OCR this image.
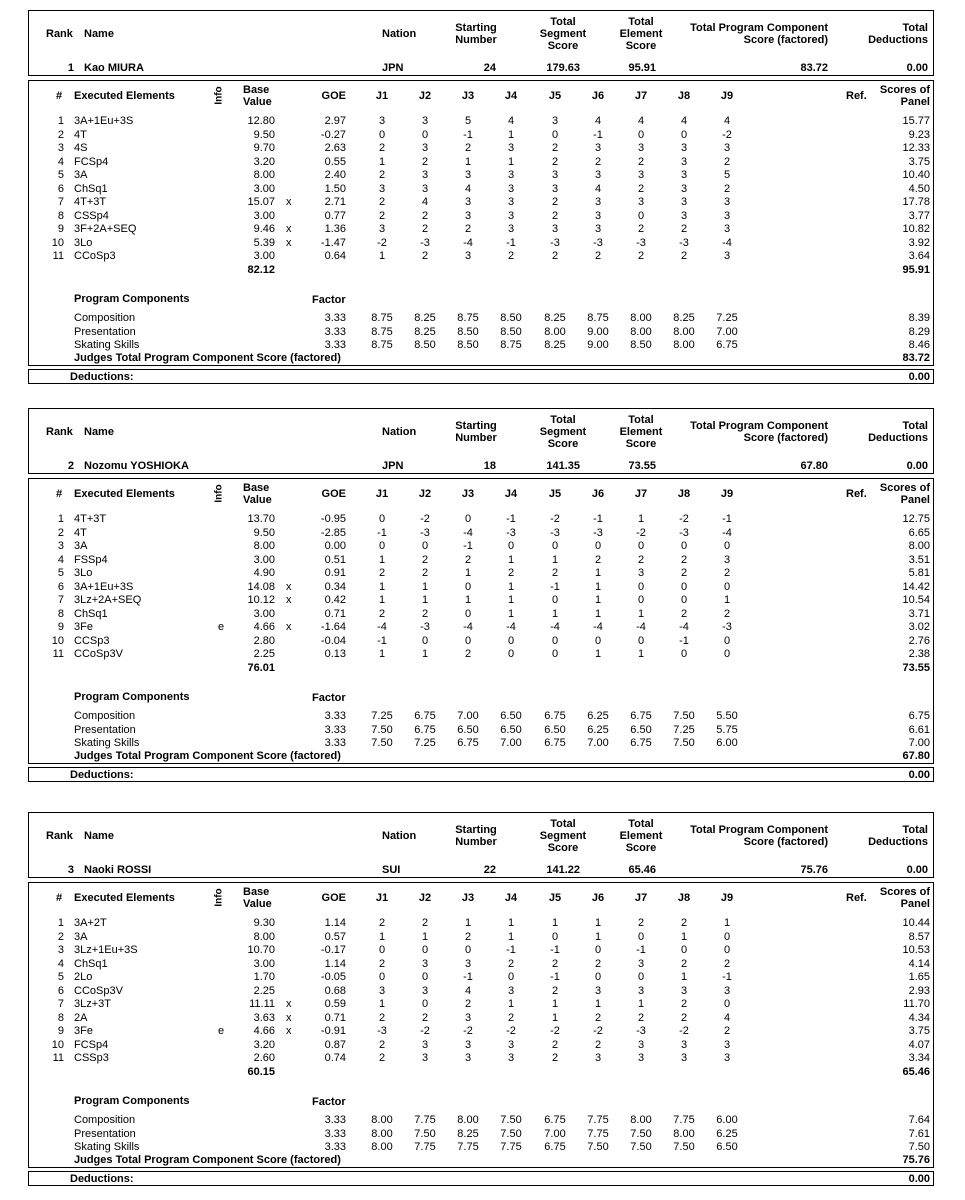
Rank Name	Nation	Starting
Number
Total
Segment
Score
Total
Element
Score
Total Program Component
Score (factored)
Total
Deductions
1 Kao MIURA	JPN	24	179.63	95.91	83.72	0.00
# Executed Elements	Info Base
Value	GOE	J1	J2	J3	J4	J5	J6	J7	J8	J9	Ref.	Scores of
Panel
1 3A+1Eu+3S	12.80	2.97	3	3	5	4	3	4	4	4	4	15.77
2 4T	9.50	-0.27	0	0	-1	1	0	-1	0	0	-2	9.23
3 4S	9.70	2.63	2	3	2	3	2	3	3	3	3	12.33
4 FCSp4	3.20	0.55	1	2	1	1	2	2	2	3	2	3.75
5 3A	8.00	2.40	2	3	3	3	3	3	3	3	5	10.40
6 ChSq1	3.00	1.50	3	3	4	3	3	4	2	3	2	4.50
7 4T+3T	15.07 x	2.71	2	4	3	3	2	3	3	3	3	17.78
8 CSSp4	3.00	0.77	2	2	3	3	2	3	0	3	3	3.77
9 3F+2A+SEQ	9.46 x	1.36	3	2	2	3	3	3	2	2	3	10.82
10 3Lo	5.39 x	-1.47	-2	-3	-4	-1	-3	-3	-3	-3	-4	3.92
11 CCoSp3	3.00	0.64	1	2	3	2	2	2	2	2	3	3.64
82.12	95.91
Program Components	Factor
Composition	3.33	8.75	8.25	8.75	8.50	8.25	8.75	8.00	8.25	7.25	8.39
Presentation	3.33	8.75	8.25	8.50	8.50	8.00	9.00	8.00	8.00	7.00	8.29
Skating Skills	3.33	8.75	8.50	8.50	8.75	8.25	9.00	8.50	8.00	6.75	8.46
Judges Total Program Component Score (factored)	83.72
Deductions:	0.00
Rank Name	Nation	Starting
Number
Total
Segment
Score
Total
Element
Score
Total Program Component
Score (factored)
Total
Deductions
2 Nozomu YOSHIOKA	JPN	18	141.35	73.55	67.80	0.00
# Executed Elements	Info Base
Value	GOE	J1	J2	J3	J4	J5	J6	J7	J8	J9	Ref.	Scores of
Panel
1 4T+3T	13.70	-0.95	0	-2	0	-1	-2	-1	1	-2	-1	12.75
2 4T	9.50	-2.85	-1	-3	-4	-3	-3	-3	-2	-3	-4	6.65
3 3A	8.00	0.00	0	0	-1	0	0	0	0	0	0	8.00
4 FSSp4	3.00	0.51	1	2	2	1	1	2	2	2	3	3.51
5 3Lo	4.90	0.91	2	2	1	2	2	1	3	2	2	5.81
6 3A+1Eu+3S	14.08 x	0.34	1	1	0	1	-1	1	0	0	0	14.42
7 3Lz+2A+SEQ	10.12 x	0.42	1	1	1	1	0	1	0	0	1	10.54
8 ChSq1	3.00	0.71	2	2	0	1	1	1	1	2	2	3.71
9 3Fe	e	4.66 x	-1.64	-4	-3	-4	-4	-4	-4	-4	-4	-3	3.02
10 CCSp3	2.80	-0.04	-1	0	0	0	0	0	0	-1	0	2.76
11 CCoSp3V	2.25	0.13	1	1	2	0	0	1	1	0	0	2.38
76.01	73.55
Program Components	Factor
Composition	3.33	7.25	6.75	7.00	6.50	6.75	6.25	6.75	7.50	5.50	6.75
Presentation	3.33	7.50	6.75	6.50	6.50	6.50	6.25	6.50	7.25	5.75	6.61
Skating Skills	3.33	7.50	7.25	6.75	7.00	6.75	7.00	6.75	7.50	6.00	7.00
Judges Total Program Component Score (factored)	67.80
Deductions:	0.00
Rank Name	Nation	Starting
Number
Total
Segment
Score
Total
Element
Score
Total Program Component
Score (factored)
Total
Deductions
3 Naoki ROSSI	SUI	22	141.22	65.46	75.76	0.00
# Executed Elements	Info Base
Value	GOE	J1	J2	J3	J4	J5	J6	J7	J8	J9	Ref.	Scores of
Panel
1 3A+2T	9.30	1.14	2	2	1	1	1	1	2	2	1	10.44
2 3A	8.00	0.57	1	1	2	1	0	1	0	1	0	8.57
3 3Lz+1Eu+3S	10.70	-0.17	0	0	0	-1	-1	0	-1	0	0	10.53
4 ChSq1	3.00	1.14	2	3	3	2	2	2	3	2	2	4.14
5 2Lo	1.70	-0.05	0	0	-1	0	-1	0	0	1	-1	1.65
6 CCoSp3V	2.25	0.68	3	3	4	3	2	3	3	3	3	2.93
7 3Lz+3T	11.11 x	0.59	1	0	2	1	1	1	1	2	0	11.70
8 2A	3.63 x	0.71	2	2	3	2	1	2	2	2	4	4.34
9 3Fe	e	4.66 x	-0.91	-3	-2	-2	-2	-2	-2	-3	-2	2	3.75
10 FCSp4	3.20	0.87	2	3	3	3	2	2	3	3	3	4.07
11 CSSp3	2.60	0.74	2	3	3	3	2	3	3	3	3	3.34
60.15	65.46
Program Components	Factor
Composition	3.33	8.00	7.75	8.00	7.50	6.75	7.75	8.00	7.75	6.00	7.64
Presentation	3.33	8.00	7.50	8.25	7.50	7.00	7.75	7.50	8.00	6.25	7.61
Skating Skills	3.33	8.00	7.75	7.75	7.75	6.75	7.50	7.50	7.50	6.50	7.50
Judges Total Program Component Score (factored)	75.76
Deductions:	0.00
